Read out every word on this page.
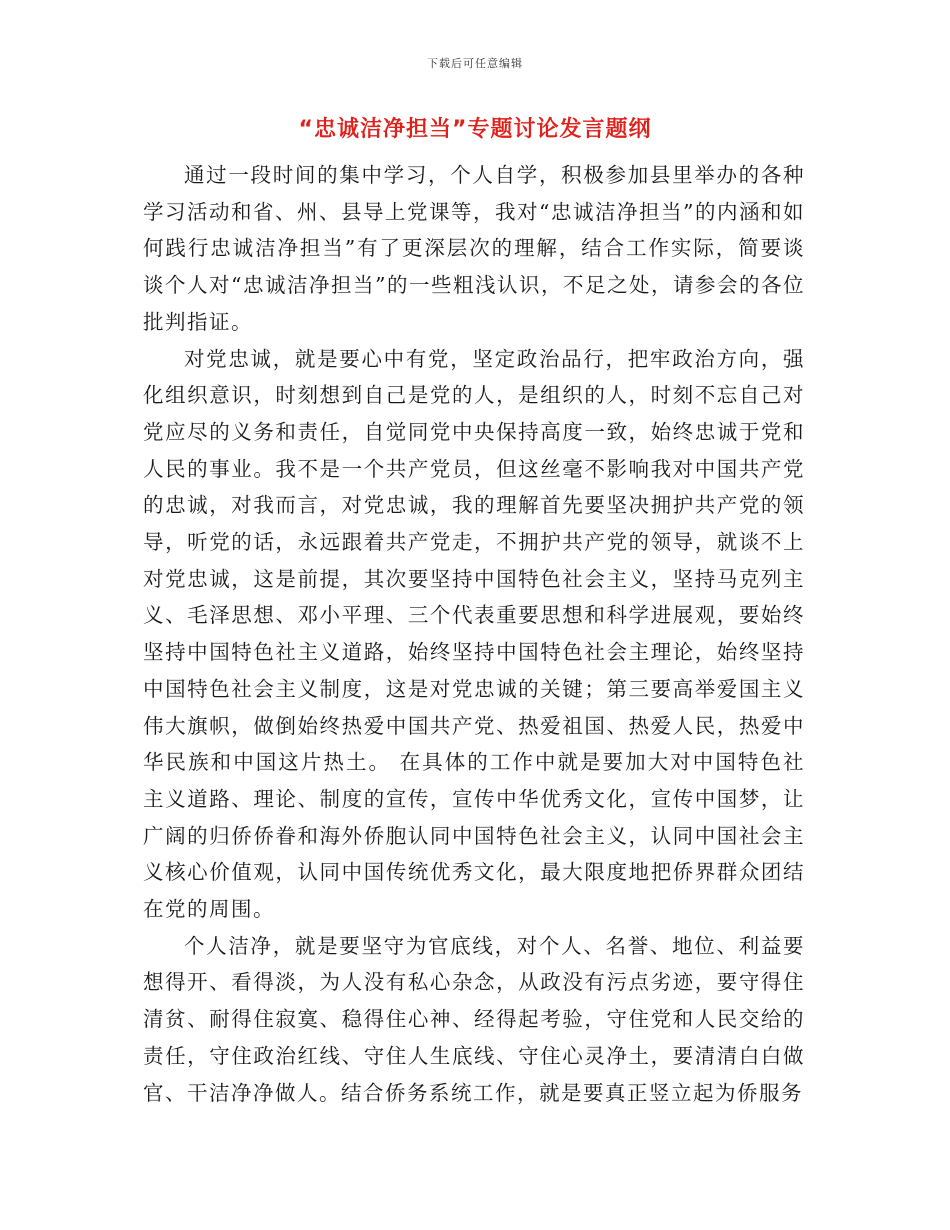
下载后可任意编辑
“忠诚洁净担当”专题讨论发言题纲

通过一段时间的集中学习，个人自学，积极参加县里举办的各种学习活动和省、州、县导上党课等，我对“忠诚洁净担当”的内涵和如何践行忠诚洁净担当”有了更深层次的理解，结合工作实际，简要谈谈个人对“忠诚洁净担当”的一些粗浅认识，不足之处，请参会的各位批判指证。

对党忠诚，就是要心中有党，坚定政治品行，把牢政治方向，强化组织意识，时刻想到自己是党的人，是组织的人，时刻不忘自己对党应尽的义务和责任，自觉同党中央保持高度一致，始终忠诚于党和人民的事业。我不是一个共产党员，但这丝毫不影响我对中国共产党的忠诚，对我而言，对党忠诚，我的理解首先要坚决拥护共产党的领导，听党的话，永远跟着共产党走，不拥护共产党的领导，就谈不上对党忠诚，这是前提，其次要坚持中国特色社会主义，坚持马克列主义、毛泽思想、邓小平理、三个代表重要思想和科学进展观，要始终坚持中国特色社主义道路，始终坚持中国特色社会主理论，始终坚持中国特色社会主义制度，这是对党忠诚的关键；第三要高举爱国主义伟大旗帜，做倒始终热爱中国共产党、热爱祖国、热爱人民，热爱中华民族和中国这片热土。 在具体的工作中就是要加大对中国特色社主义道路、理论、制度的宣传，宣传中华优秀文化，宣传中国梦，让广阔的归侨侨眷和海外侨胞认同中国特色社会主义，认同中国社会主义核心价值观，认同中国传统优秀文化，最大限度地把侨界群众团结在党的周围。

个人洁净，就是要坚守为官底线，对个人、名誉、地位、利益要想得开、看得淡，为人没有私心杂念，从政没有污点劣迹，要守得住清贫、耐得住寂寞、稳得住心神、经得起考验，守住党和人民交给的责任，守住政治红线、守住人生底线、守住心灵净土，要清清白白做官、干洁净净做人。结合侨务系统工作，就是要真正竖立起为侨服务
